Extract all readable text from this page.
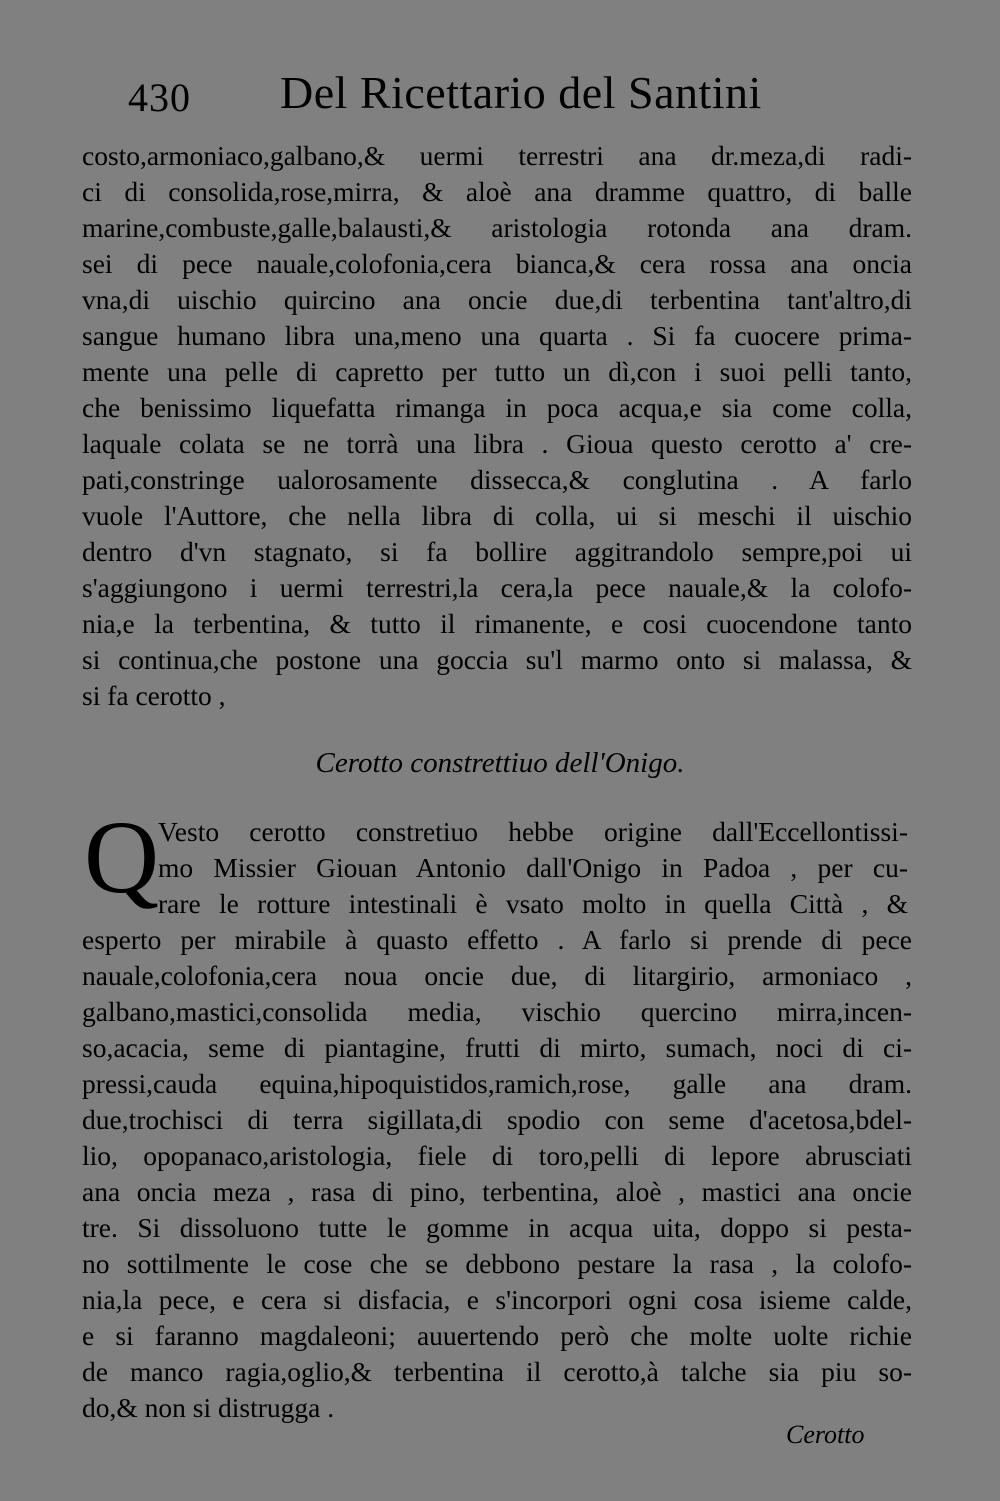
430 Del Ricettario del Santini
costo,armoniaco,galbano,& uermi terrestri ana dr.meza,di radi-
ci di consolida,rose,mirra, & aloè ana dramme quattro, di balle
marine,combuste,galle,balausti,& aristologia rotonda ana dram.
sei di pece nauale,colofonia,cera bianca,& cera rossa ana oncia
vna,di uischio quircino ana oncie due,di terbentina tant'altro,di
sangue humano libra una,meno una quarta . Si fa cuocere prima-
mente una pelle di capretto per tutto un dì,con i suoi pelli tanto,
che benissimo liquefatta rimanga in poca acqua,e sia come colla,
laquale colata se ne torrà una libra . Gioua questo cerotto a' cre-
pati,constringe ualorosamente dissecca,& conglutina . A farlo
vuole l'Auttore, che nella libra di colla, ui si meschi il uischio
dentro d'vn stagnato, si fa bollire aggitrandolo sempre,poi ui
s'aggiungono i uermi terrestri,la cera,la pece nauale,& la colofo-
nia,e la terbentina, & tutto il rimanente, e cosi cuocendone tanto
si continua,che postone una goccia su'l marmo onto si malassa, &
si fa cerotto ,
Cerotto constrettiuo dell'Onigo.
Q
Vesto cerotto constretiuo hebbe origine dall'Eccellontissi-
mo Missier Giouan Antonio dall'Onigo in Padoa , per cu-
rare le rotture intestinali è vsato molto in quella Città , &
esperto per mirabile à quasto effetto . A farlo si prende di pece
nauale,colofonia,cera noua oncie due, di litargirio, armoniaco ,
galbano,mastici,consolida media, vischio quercino mirra,incen-
so,acacia, seme di piantagine, frutti di mirto, sumach, noci di ci-
pressi,cauda equina,hipoquistidos,ramich,rose, galle ana dram.
due,trochisci di terra sigillata,di spodio con seme d'acetosa,bdel-
lio, opopanaco,aristologia, fiele di toro,pelli di lepore abrusciati
ana oncia meza , rasa di pino, terbentina, aloè , mastici ana oncie
tre. Si dissoluono tutte le gomme in acqua uita, doppo si pesta-
no sottilmente le cose che se debbono pestare la rasa , la colofo-
nia,la pece, e cera si disfacia, e s'incorpori ogni cosa isieme calde,
e si faranno magdaleoni; auuertendo però che molte uolte richie
de manco ragia,oglio,& terbentina il cerotto,à talche sia piu so-
do,& non si distrugga .
Cerotto
